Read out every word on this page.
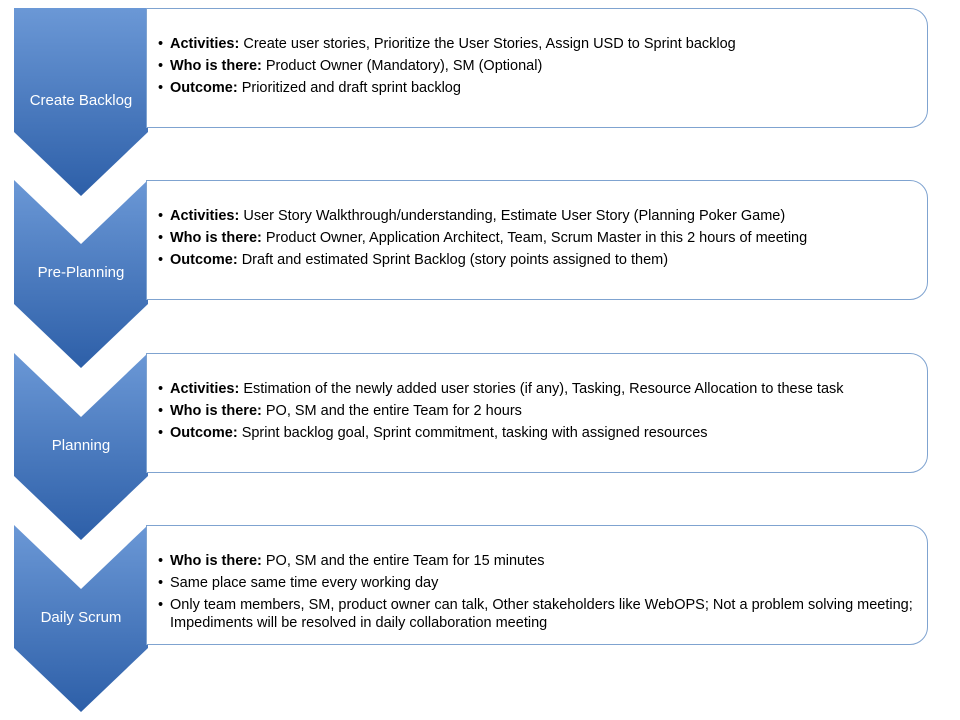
Create Backlog
• Activities: Create user stories, Prioritize the User Stories, Assign USD to Sprint backlog
• Who is there: Product Owner (Mandatory), SM (Optional)
• Outcome: Prioritized and draft sprint backlog
Pre-Planning
• Activities: User Story Walkthrough/understanding, Estimate User Story (Planning Poker Game)
• Who is there: Product Owner, Application Architect, Team, Scrum Master in this 2 hours of meeting
• Outcome: Draft and estimated Sprint Backlog (story points assigned to them)
Planning
• Activities: Estimation of the newly added user stories (if any), Tasking, Resource Allocation to these task
• Who is there: PO, SM and the entire Team for 2 hours
• Outcome: Sprint backlog goal, Sprint commitment, tasking with assigned resources
Daily Scrum
• Who is there: PO, SM and the entire Team for 15 minutes
• Same place same time every working day
• Only team members, SM, product owner can talk, Other stakeholders like WebOPS; Not a problem solving meeting; Impediments will be resolved in daily collaboration meeting
